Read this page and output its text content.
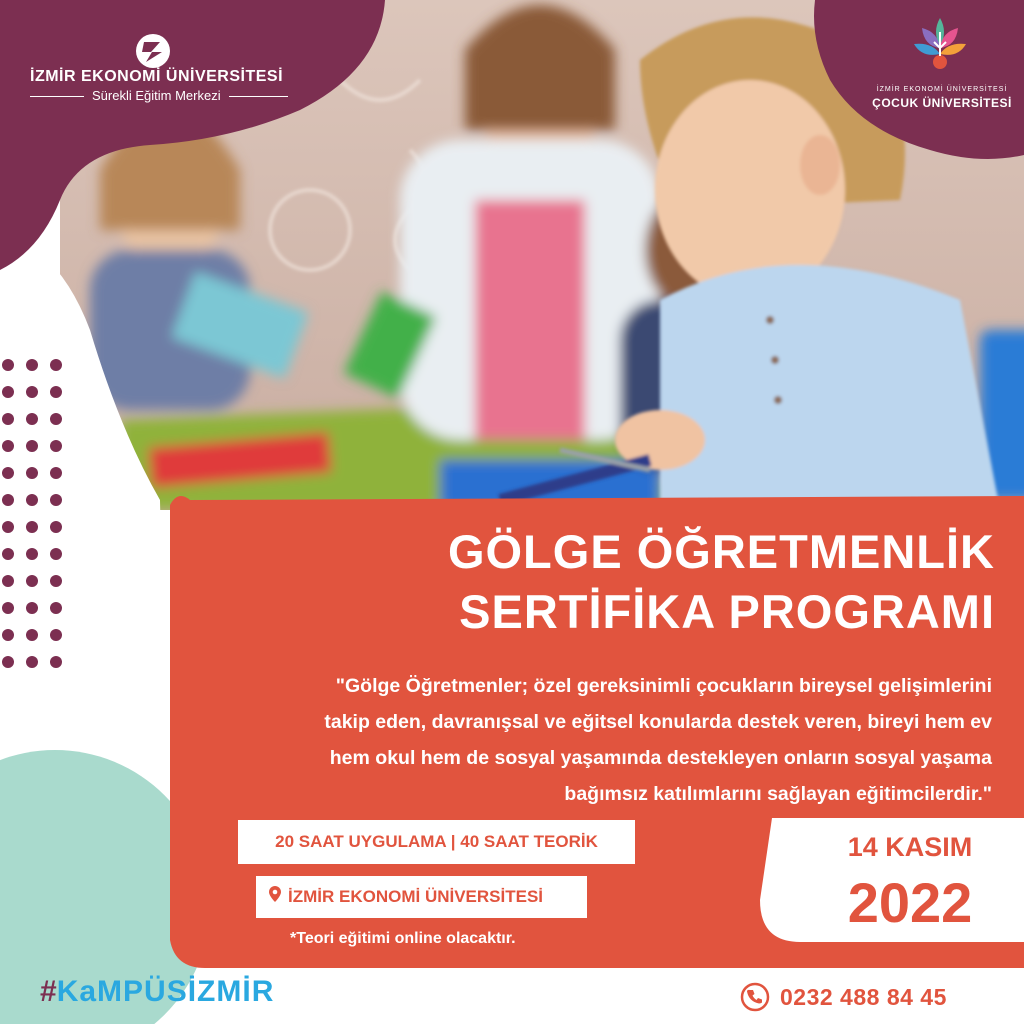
İZMİR EKONOMİ ÜNİVERSİTESİ
Sürekli Eğitim Merkezi	İZMİR EKONOMİ ÜNİVERSİTESİ
ÇOCUK ÜNİVERSİTESİ
GÖLGE ÖĞRETMENLİK
SERTİFİKA PROGRAMI
"Gölge Öğretmenler; özel gereksinimli çocukların bireysel gelişimlerini
takip eden, davranışsal ve eğitsel konularda destek veren, bireyi hem ev
hem okul hem de sosyal yaşamında destekleyen onların sosyal yaşama
bağımsız katılımlarını sağlayan eğitimcilerdir."
20 SAAT UYGULAMA | 40 SAAT TEORİK
İZMİR EKONOMİ ÜNİVERSİTESİ
*Teori eğitimi online olacaktır.
14 KASIM
2022
#KaMPÜSİZMİR	0232 488 84 45
